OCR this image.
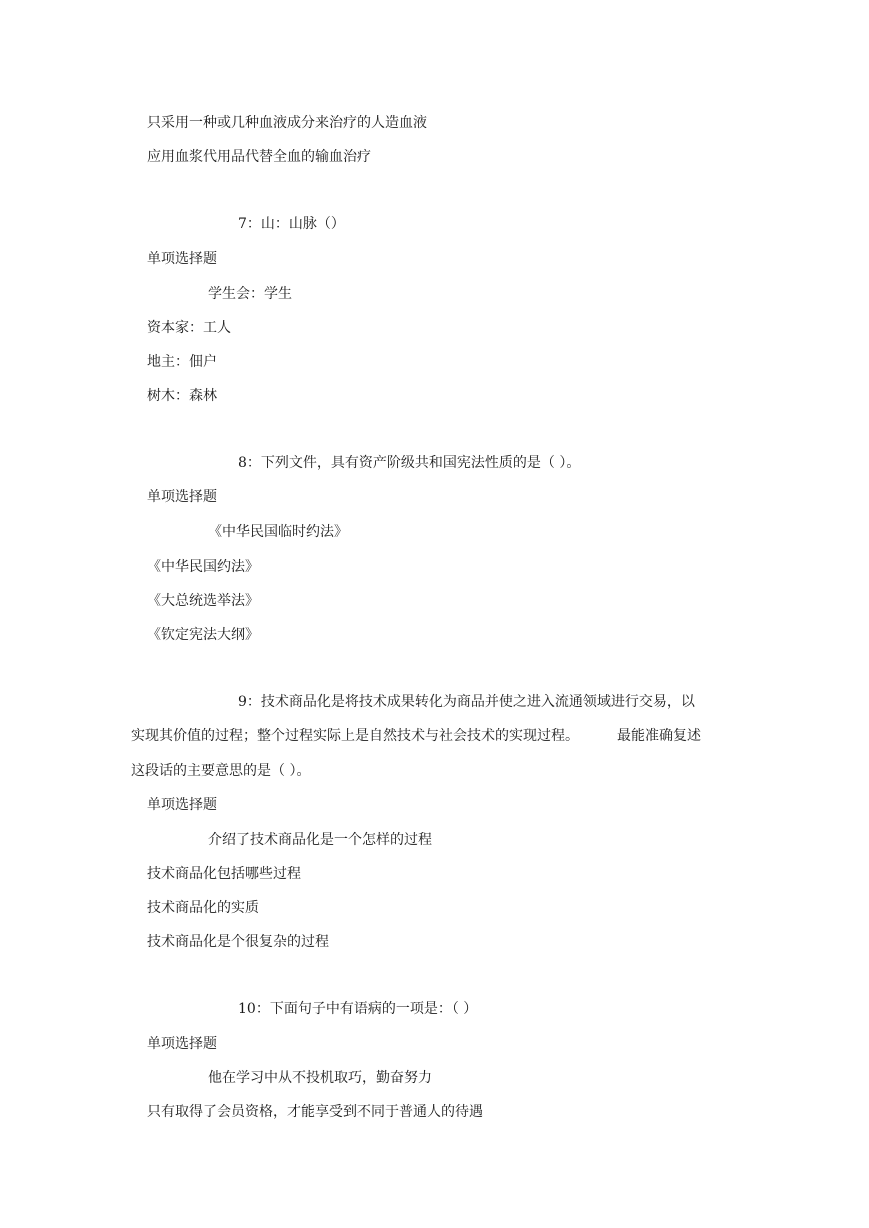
只采用一种或几种血液成分来治疗的人造血液
应用血浆代用品代替全血的输血治疗
7：山：山脉（）
单项选择题
学生会：学生
资本家：工人
地主：佃户
树木：森林
8：下列文件，具有资产阶级共和国宪法性质的是（ ）。
单项选择题
《中华民国临时约法》
《中华民国约法》
《大总统选举法》
《钦定宪法大纲》
9：技术商品化是将技术成果转化为商品并使之进入流通领域进行交易，以
实现其价值的过程；整个过程实际上是自然技术与社会技术的实现过程。	最能准确复述
这段话的主要意思的是（ ）。
单项选择题
介绍了技术商品化是一个怎样的过程
技术商品化包括哪些过程
技术商品化的实质
技术商品化是个很复杂的过程
10：下面句子中有语病的一项是：（ ）
单项选择题
他在学习中从不投机取巧，勤奋努力
只有取得了会员资格，才能享受到不同于普通人的待遇
